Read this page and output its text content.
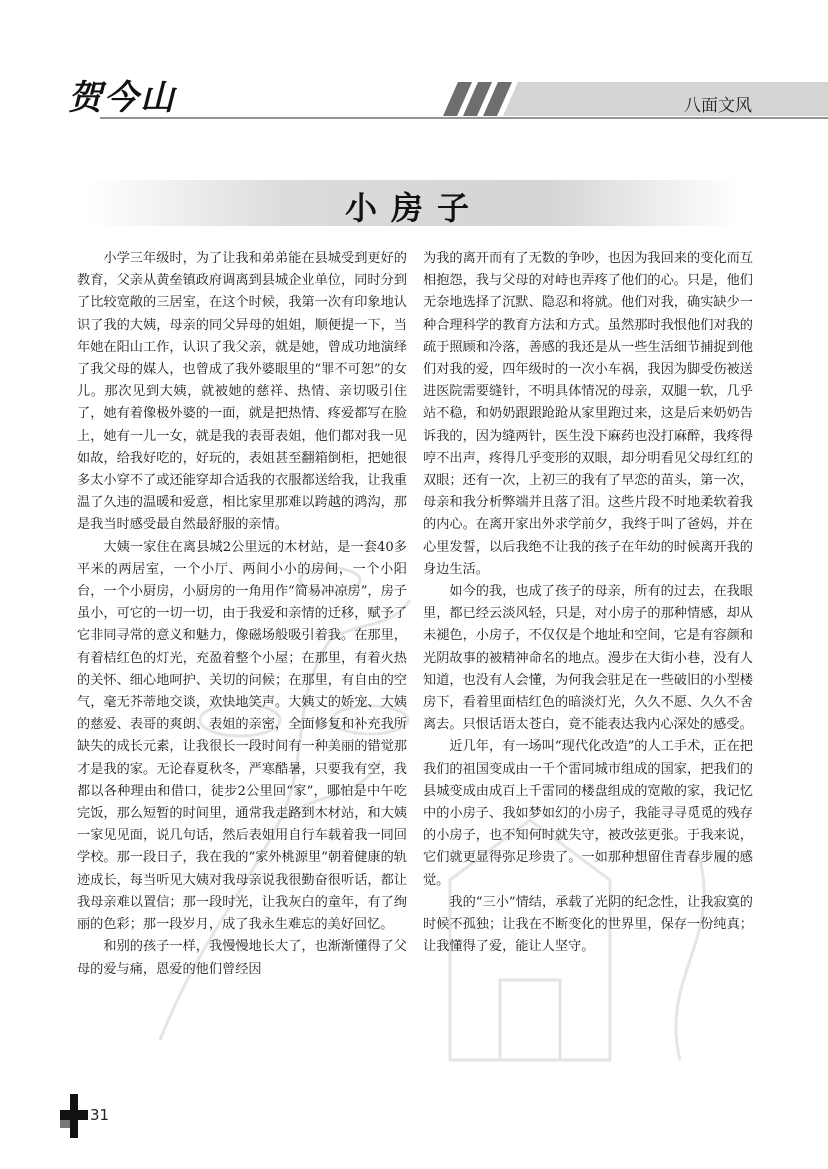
贺今山	八面文风
小房子

小学三年级时，为了让我和弟弟能在县城受到更好的教育，父亲从黄垒镇政府调离到县城企业单位，同时分到了比较宽敞的三居室，在这个时候，我第一次有印象地认识了我的大姨，母亲的同父异母的姐姐，顺便提一下，当年她在阳山工作，认识了我父亲，就是她，曾成功地演绎了我父母的媒人，也曾成了我外婆眼里的“罪不可恕”的女儿。那次见到大姨，就被她的慈祥、热情、亲切吸引住了，她有着像极外婆的一面，就是把热情、疼爱都写在脸上，她有一儿一女，就是我的表哥表姐，他们都对我一见如故，给我好吃的，好玩的，表姐甚至翻箱倒柜，把她很多太小穿不了或还能穿却合适我的衣服都送给我，让我重温了久违的温暖和爱意，相比家里那难以跨越的鸿沟，那是我当时感受最自然最舒服的亲情。

大姨一家住在离县城2公里远的木材站，是一套40多平米的两居室，一个小厅、两间小小的房间，一个小阳台，一个小厨房，小厨房的一角用作“简易冲凉房”，房子虽小，可它的一切一切，由于我爱和亲情的迁移，赋予了它非同寻常的意义和魅力，像磁场般吸引着我。在那里，有着桔红色的灯光，充盈着整个小屋；在那里，有着火热的关怀、细心地呵护、关切的问候；在那里，有自由的空气，毫无芥蒂地交谈，欢快地笑声。大姨丈的娇宠、大姨的慈爱、表哥的爽朗、表姐的亲密，全面修复和补充我所缺失的成长元素，让我很长一段时间有一种美丽的错觉那才是我的家。无论春夏秋冬，严寒酷暑，只要我有空，我都以各种理由和借口，徒步2公里回“家”，哪怕是中午吃完饭，那么短暂的时间里，通常我走路到木材站，和大姨一家见见面，说几句话，然后表姐用自行车载着我一同回学校。那一段日子，我在我的“家外桃源里”朝着健康的轨迹成长，每当听见大姨对我母亲说我很勤奋很听话，都让我母亲难以置信；那一段时光，让我灰白的童年，有了绚丽的色彩；那一段岁月，成了我永生难忘的美好回忆。

和别的孩子一样，我慢慢地长大了，也渐渐懂得了父母的爱与痛，恩爱的他们曾经因

为我的离开而有了无数的争吵，也因为我回来的变化而互相抱怨，我与父母的对峙也弄疼了他们的心。只是，他们无奈地选择了沉默、隐忍和将就。他们对我，确实缺少一种合理科学的教育方法和方式。虽然那时我恨他们对我的疏于照顾和冷落，善感的我还是从一些生活细节捕捉到他们对我的爱，四年级时的一次小车祸，我因为脚受伤被送进医院需要缝针，不明具体情况的母亲，双腿一软，几乎站不稳，和奶奶跟跟跄跄从家里跑过来，这是后来奶奶告诉我的，因为缝两针，医生没下麻药也没打麻醉，我疼得哼不出声，疼得几乎变形的双眼，却分明看见父母红红的双眼；还有一次，上初三的我有了早恋的苗头，第一次，母亲和我分析弊端并且落了泪。这些片段不时地柔软着我的内心。在离开家出外求学前夕，我终于叫了爸妈，并在心里发誓，以后我绝不让我的孩子在年幼的时候离开我的身边生活。

如今的我，也成了孩子的母亲，所有的过去，在我眼里，都已经云淡风轻，只是，对小房子的那种情感，却从未褪色，小房子，不仅仅是个地址和空间，它是有容颜和光阴故事的被精神命名的地点。漫步在大街小巷，没有人知道，也没有人会懂，为何我会驻足在一些破旧的小型楼房下，看着里面桔红色的暗淡灯光，久久不愿、久久不舍离去。只恨话语太苍白，竟不能表达我内心深处的感受。

近几年，有一场叫“现代化改造”的人工手术，正在把我们的祖国变成由一千个雷同城市组成的国家，把我们的县城变成由成百上千雷同的楼盘组成的宽敞的家，我记忆中的小房子、我如梦如幻的小房子，我能寻寻觅觅的残存的小房子，也不知何时就失守，被改弦更张。于我来说，它们就更显得弥足珍贵了。一如那种想留住青春步履的感觉。

我的“三小”情结，承载了光阴的纪念性，让我寂寞的时候不孤独；让我在不断变化的世界里，保存一份纯真；让我懂得了爱，能让人坚守。

31
